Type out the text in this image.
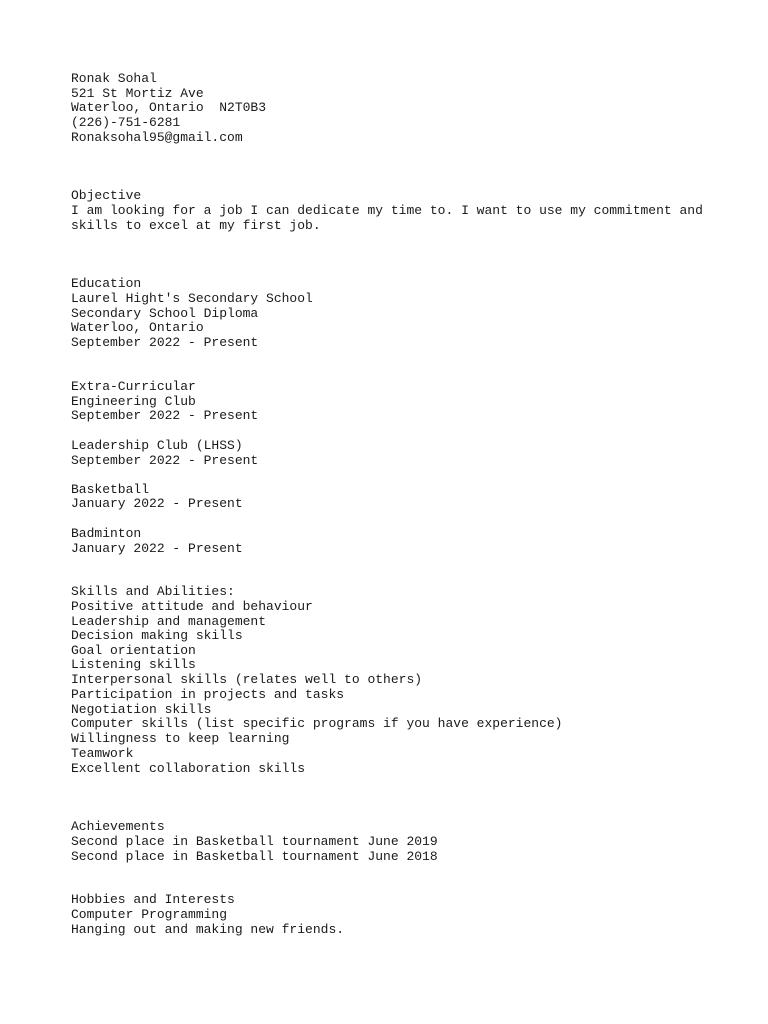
Ronak Sohal
521 St Mortiz Ave
Waterloo, Ontario  N2T0B3
(226)-751-6281
Ronaksohal95@gmail.com
Objective
I am looking for a job I can dedicate my time to. I want to use my commitment and
skills to excel at my first job.
Education
Laurel Hight's Secondary School
Secondary School Diploma
Waterloo, Ontario
September 2022 - Present
Extra-Curricular
Engineering Club
September 2022 - Present
Leadership Club (LHSS)
September 2022 - Present
Basketball
January 2022 - Present
Badminton
January 2022 - Present
Skills and Abilities:
Positive attitude and behaviour
Leadership and management
Decision making skills
Goal orientation
Listening skills
Interpersonal skills (relates well to others)
Participation in projects and tasks
Negotiation skills
Computer skills (list specific programs if you have experience)
Willingness to keep learning
Teamwork
Excellent collaboration skills
Achievements
Second place in Basketball tournament June 2019
Second place in Basketball tournament June 2018
Hobbies and Interests
Computer Programming
Hanging out and making new friends.
